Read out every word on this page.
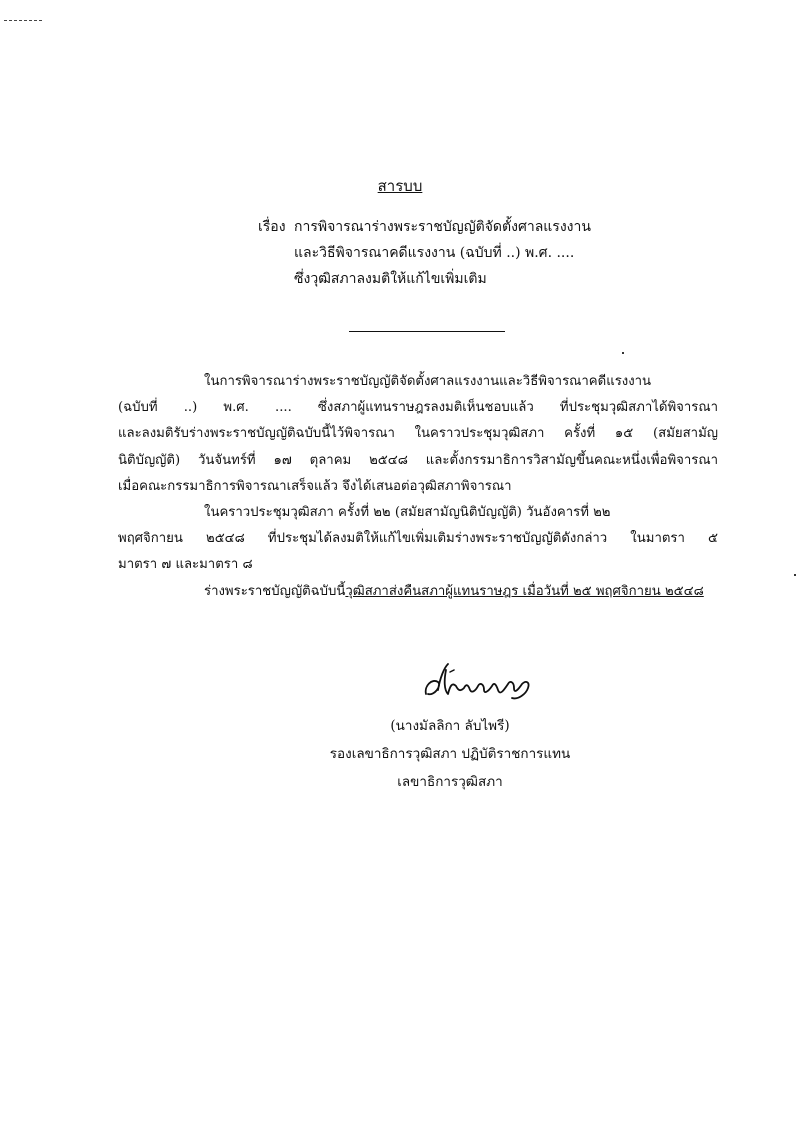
สารบบ
เรื่อง การพิจารณาร่างพระราชบัญญัติจัดตั้งศาลแรงงาน
และวิธีพิจารณาคดีแรงงาน (ฉบับที่ ..) พ.ศ. ....
ซึ่งวุฒิสภาลงมติให้แก้ไขเพิ่มเติม
ในการพิจารณาร่างพระราชบัญญัติจัดตั้งศาลแรงงานและวิธีพิจารณาคดีแรงงาน
(ฉบับที่ ..) พ.ศ. .... ซึ่งสภาผู้แทนราษฎรลงมติเห็นชอบแล้ว ที่ประชุมวุฒิสภาได้พิจารณา
และลงมติรับร่างพระราชบัญญัติฉบับนี้ไว้พิจารณา ในคราวประชุมวุฒิสภา ครั้งที่ ๑๕ (สมัยสามัญ
นิติบัญญัติ) วันจันทร์ที่ ๑๗ ตุลาคม ๒๕๔๘ และตั้งกรรมาธิการวิสามัญขึ้นคณะหนึ่งเพื่อพิจารณา
เมื่อคณะกรรมาธิการพิจารณาเสร็จแล้ว จึงได้เสนอต่อวุฒิสภาพิจารณา
ในคราวประชุมวุฒิสภา ครั้งที่ ๒๒ (สมัยสามัญนิติบัญญัติ) วันอังคารที่ ๒๒
พฤศจิกายน ๒๕๔๘ ที่ประชุมได้ลงมติให้แก้ไขเพิ่มเติมร่างพระราชบัญญัติดังกล่าว ในมาตรา ๕
มาตรา ๗ และมาตรา ๘
ร่างพระราชบัญญัติฉบับนี้วุฒิสภาส่งคืนสภาผู้แทนราษฎร เมื่อวันที่ ๒๕ พฤศจิกายน ๒๕๔๘
(นางมัลลิกา ลับไพรี)
รองเลขาธิการวุฒิสภา ปฏิบัติราชการแทน
เลขาธิการวุฒิสภา
